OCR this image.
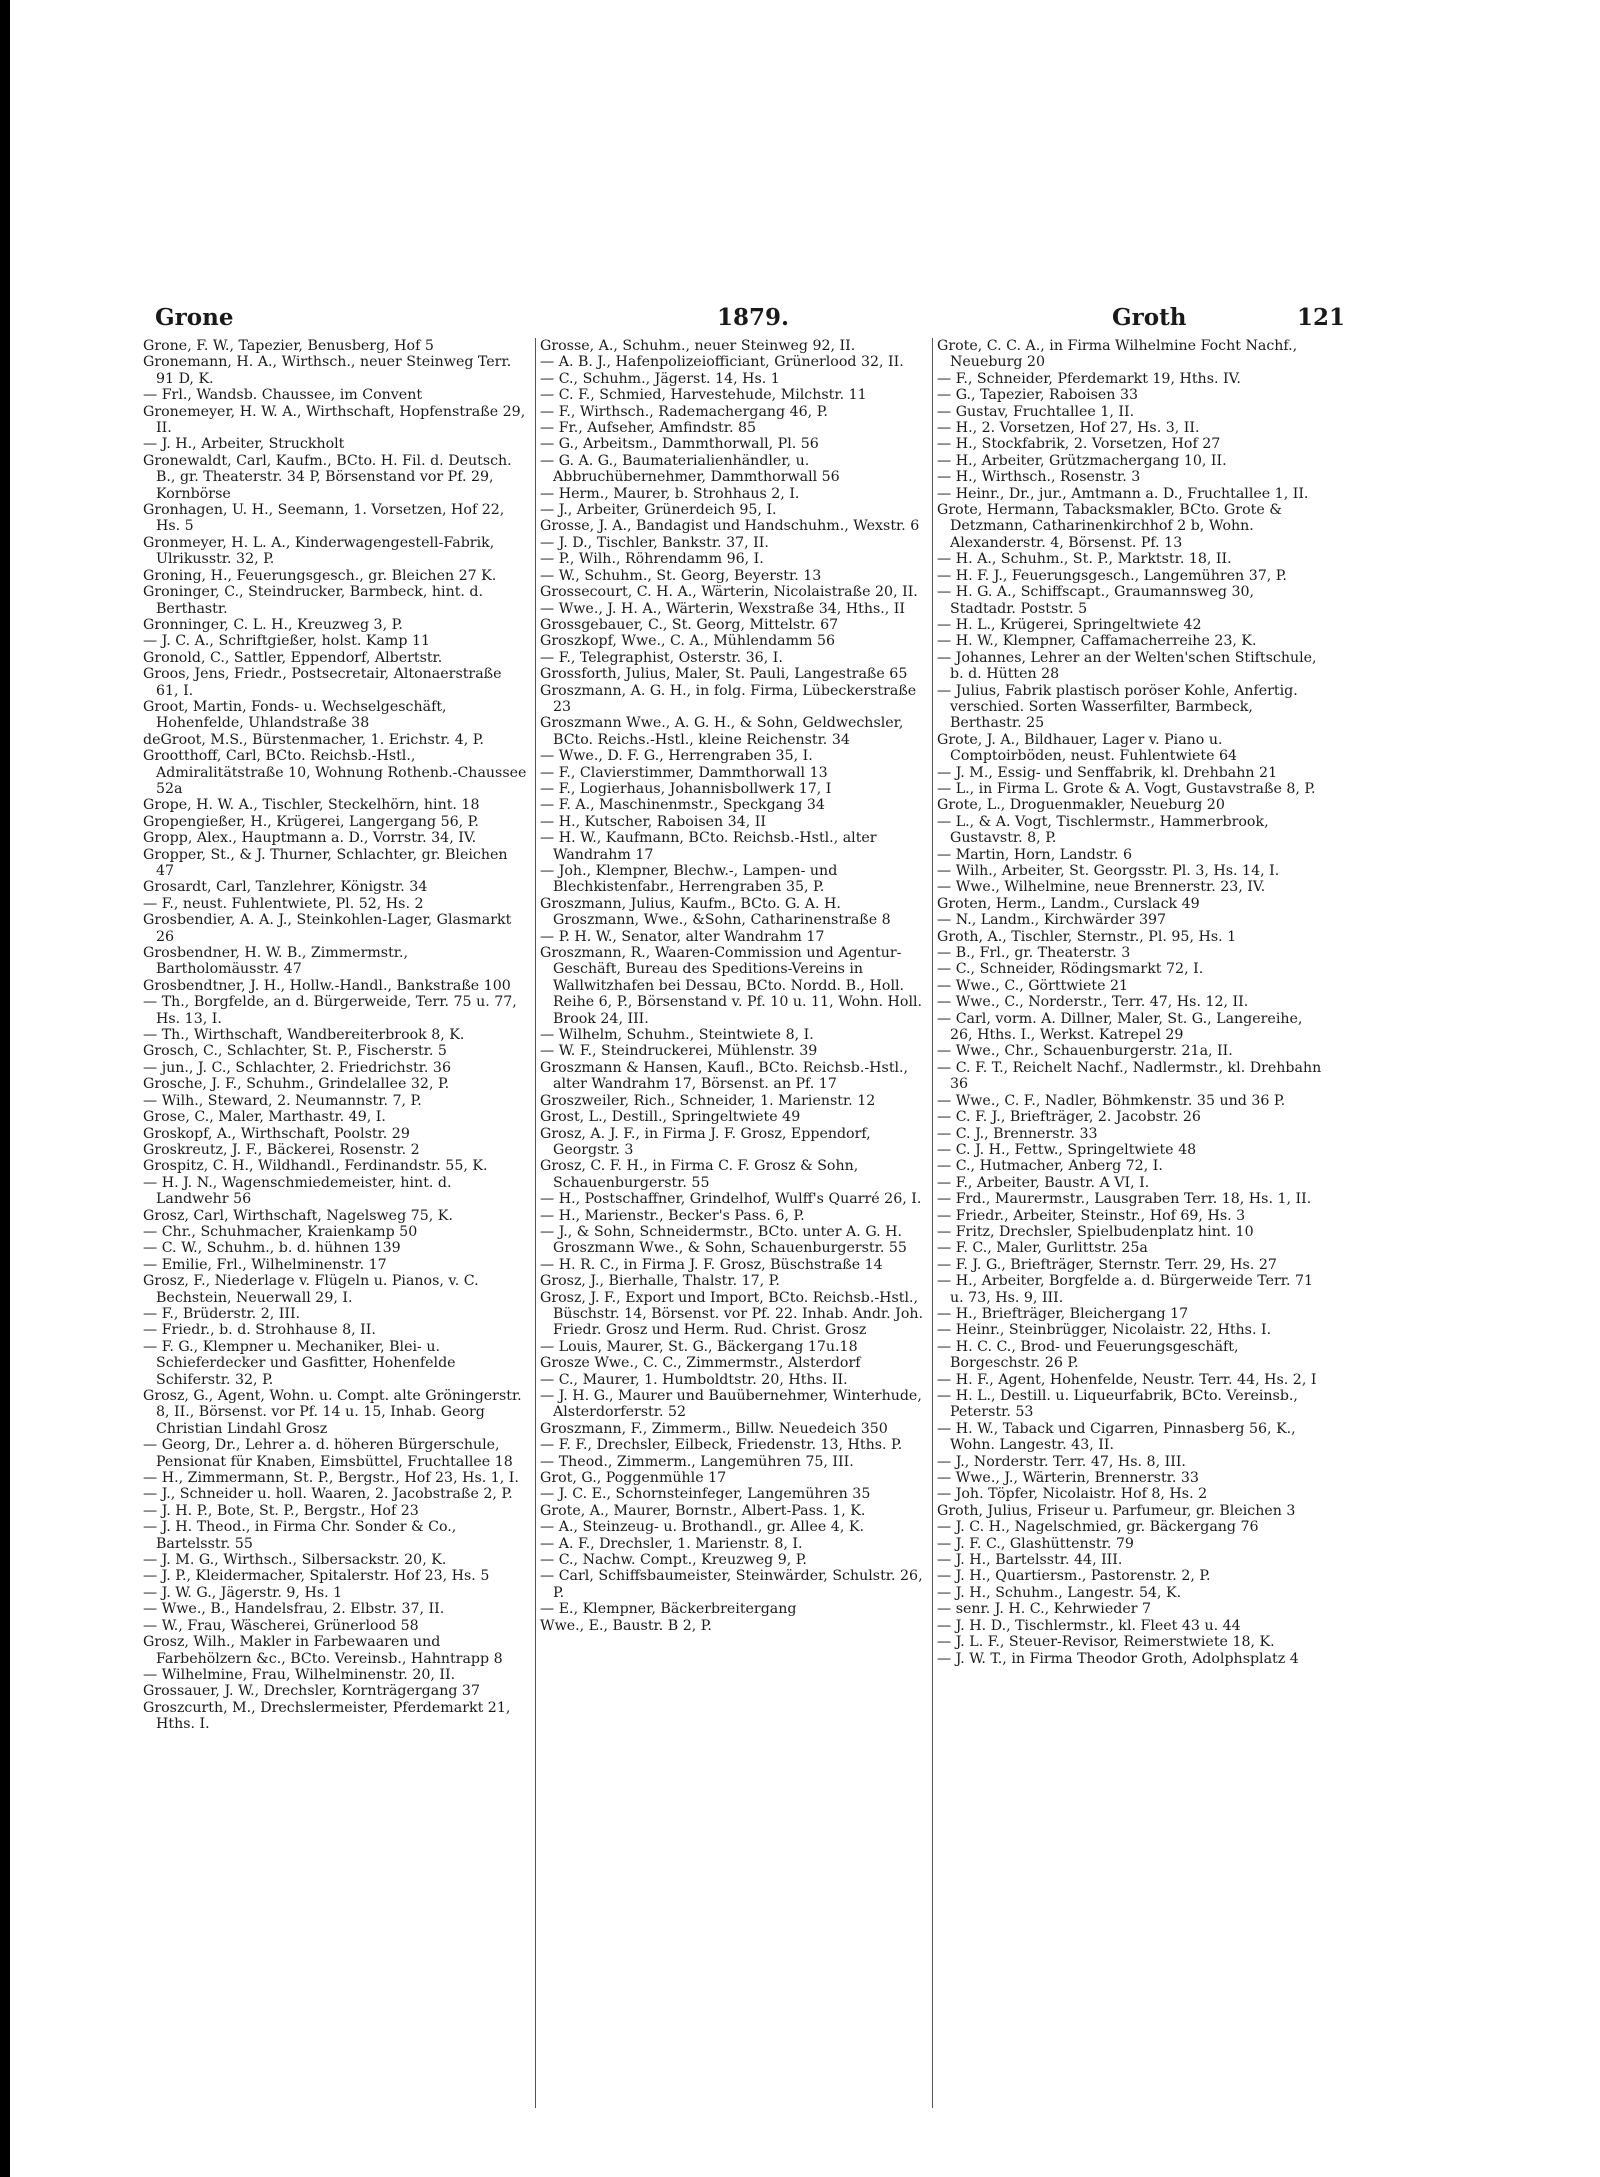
Grone	1879.	Groth	121

Grone, F. W., Tapezier, Benusberg, Hof 5

Gronemann, H. A., Wirthsch., neuer Steinweg Terr. 91 D, K.

— Frl., Wandsb. Chaussee, im Convent

Gronemeyer, H. W. A., Wirthschaft, Hopfenstraße 29, II.

— J. H., Arbeiter, Struckholt

Gronewaldt, Carl, Kaufm., BCto. H. Fil. d. Deutsch. B., gr. Theaterstr. 34 P, Börsenstand vor Pf. 29, Kornbörse

Gronhagen, U. H., Seemann, 1. Vorsetzen, Hof 22, Hs. 5

Gronmeyer, H. L. A., Kinderwagengestell-Fabrik, Ulrikusstr. 32, P.

Groning, H., Feuerungsgesch., gr. Bleichen 27 K.

Groninger, C., Steindrucker, Barmbeck, hint. d. Berthastr.

Gronninger, C. L. H., Kreuzweg 3, P.

— J. C. A., Schriftgießer, holst. Kamp 11

Gronold, C., Sattler, Eppendorf, Albertstr.

Groos, Jens, Friedr., Postsecretair, Altonaerstraße 61, I.

Groot, Martin, Fonds- u. Wechselgeschäft, Hohenfelde, Uhlandstraße 38

deGroot, M.S., Bürstenmacher, 1. Erichstr. 4, P.

Grootthoff, Carl, BCto. Reichsb.-Hstl., Admiralitätstraße 10, Wohnung Rothenb.-Chaussee 52a

Grope, H. W. A., Tischler, Steckelhörn, hint. 18

Gropengießer, H., Krügerei, Langergang 56, P.

Gropp, Alex., Hauptmann a. D., Vorrstr. 34, IV.

Gropper, St., & J. Thurner, Schlachter, gr. Bleichen 47

Grosardt, Carl, Tanzlehrer, Königstr. 34

— F., neust. Fuhlentwiete, Pl. 52, Hs. 2

Grosbendier, A. A. J., Steinkohlen-Lager, Glasmarkt 26

Grosbendner, H. W. B., Zimmermstr., Bartholomäusstr. 47

Grosbendtner, J. H., Hollw.-Handl., Bankstraße 100

— Th., Borgfelde, an d. Bürgerweide, Terr. 75 u. 77, Hs. 13, I.

— Th., Wirthschaft, Wandbereiterbrook 8, K.

Grosch, C., Schlachter, St. P., Fischerstr. 5

— jun., J. C., Schlachter, 2. Friedrichstr. 36

Grosche, J. F., Schuhm., Grindelallee 32, P.

— Wilh., Steward, 2. Neumannstr. 7, P.

Grose, C., Maler, Marthastr. 49, I.

Groskopf, A., Wirthschaft, Poolstr. 29

Groskreutz, J. F., Bäckerei, Rosenstr. 2

Grospitz, C. H., Wildhandl., Ferdinandstr. 55, K.

— H. J. N., Wagenschmiedemeister, hint. d. Landwehr 56

Grosz, Carl, Wirthschaft, Nagelsweg 75, K.

— Chr., Schuhmacher, Kraienkamp 50

— C. W., Schuhm., b. d. hühnen 139

— Emilie, Frl., Wilhelminenstr. 17

Grosz, F., Niederlage v. Flügeln u. Pianos, v. C. Bechstein, Neuerwall 29, I.

— F., Brüderstr. 2, III.

— Friedr., b. d. Strohhause 8, II.

— F. G., Klempner u. Mechaniker, Blei- u. Schieferdecker und Gasfitter, Hohenfelde Schiferstr. 32, P.

Grosz, G., Agent, Wohn. u. Compt. alte Gröningerstr. 8, II., Börsenst. vor Pf. 14 u. 15, Inhab. Georg Christian Lindahl Grosz

— Georg, Dr., Lehrer a. d. höheren Bürgerschule, Pensionat für Knaben, Eimsbüttel, Fruchtallee 18

— H., Zimmermann, St. P., Bergstr., Hof 23, Hs. 1, I.

— J., Schneider u. holl. Waaren, 2. Jacobstraße 2, P.

— J. H. P., Bote, St. P., Bergstr., Hof 23

— J. H. Theod., in Firma Chr. Sonder & Co., Bartelsstr. 55

— J. M. G., Wirthsch., Silbersackstr. 20, K.

— J. P., Kleidermacher, Spitalerstr. Hof 23, Hs. 5

— J. W. G., Jägerstr. 9, Hs. 1

— Wwe., B., Handelsfrau, 2. Elbstr. 37, II.

— W., Frau, Wäscherei, Grünerlood 58

Grosz, Wilh., Makler in Farbewaaren und Farbehölzern &c., BCto. Vereinsb., Hahntrapp 8

— Wilhelmine, Frau, Wilhelminenstr. 20, II.

Grossauer, J. W., Drechsler, Kornträgergang 37

Groszcurth, M., Drechslermeister, Pferdemarkt 21, Hths. I.

Grosse, A., Schuhm., neuer Steinweg 92, II.

— A. B. J., Hafenpolizeiofficiant, Grünerlood 32, II.

— C., Schuhm., Jägerst. 14, Hs. 1

— C. F., Schmied, Harvestehude, Milchstr. 11

— F., Wirthsch., Rademachergang 46, P.

— Fr., Aufseher, Amfindstr. 85

— G., Arbeitsm., Dammthorwall, Pl. 56

— G. A. G., Baumaterialienhändler, u. Abbruchübernehmer, Dammthorwall 56

— Herm., Maurer, b. Strohhaus 2, I.

— J., Arbeiter, Grünerdeich 95, I.

Grosse, J. A., Bandagist und Handschuhm., Wexstr. 6

— J. D., Tischler, Bankstr. 37, II.

— P., Wilh., Röhrendamm 96, I.

— W., Schuhm., St. Georg, Beyerstr. 13

Grossecourt, C. H. A., Wärterin, Nicolaistraße 20, II.

— Wwe., J. H. A., Wärterin, Wexstraße 34, Hths., II

Grossgebauer, C., St. Georg, Mittelstr. 67

Groszkopf, Wwe., C. A., Mühlendamm 56

— F., Telegraphist, Osterstr. 36, I.

Grossforth, Julius, Maler, St. Pauli, Langestraße 65

Groszmann, A. G. H., in folg. Firma, Lübeckerstraße 23

Groszmann Wwe., A. G. H., & Sohn, Geldwechsler, BCto. Reichs.-Hstl., kleine Reichenstr. 34

— Wwe., D. F. G., Herrengraben 35, I.

— F., Clavierstimmer, Dammthorwall 13

— F., Logierhaus, Johannisbollwerk 17, I

— F. A., Maschinenmstr., Speckgang 34

— H., Kutscher, Raboisen 34, II

— H. W., Kaufmann, BCto. Reichsb.-Hstl., alter Wandrahm 17

— Joh., Klempner, Blechw.-, Lampen- und Blechkistenfabr., Herrengraben 35, P.

Groszmann, Julius, Kaufm., BCto. G. A. H. Groszmann, Wwe., &Sohn, Catharinenstraße 8

— P. H. W., Senator, alter Wandrahm 17

Groszmann, R., Waaren-Commission und Agentur-Geschäft, Bureau des Speditions-Vereins in Wallwitzhafen bei Dessau, BCto. Nordd. B., Holl. Reihe 6, P., Börsenstand v. Pf. 10 u. 11, Wohn. Holl. Brook 24, III.

— Wilhelm, Schuhm., Steintwiete 8, I.

— W. F., Steindruckerei, Mühlenstr. 39

Groszmann & Hansen, Kaufl., BCto. Reichsb.-Hstl., alter Wandrahm 17, Börsenst. an Pf. 17

Groszweiler, Rich., Schneider, 1. Marienstr. 12

Grost, L., Destill., Springeltwiete 49

Grosz, A. J. F., in Firma J. F. Grosz, Eppendorf, Georgstr. 3

Grosz, C. F. H., in Firma C. F. Grosz & Sohn, Schauenburgerstr. 55

— H., Postschaffner, Grindelhof, Wulff's Quarré 26, I.

— H., Marienstr., Becker's Pass. 6, P.

— J., & Sohn, Schneidermstr., BCto. unter A. G. H. Groszmann Wwe., & Sohn, Schauenburgerstr. 55

— H. R. C., in Firma J. F. Grosz, Büschstraße 14

Grosz, J., Bierhalle, Thalstr. 17, P.

Grosz, J. F., Export und Import, BCto. Reichsb.-Hstl., Büschstr. 14, Börsenst. vor Pf. 22. Inhab. Andr. Joh. Friedr. Grosz und Herm. Rud. Christ. Grosz

— Louis, Maurer, St. G., Bäckergang 17u.18

Grosze Wwe., C. C., Zimmermstr., Alsterdorf

— C., Maurer, 1. Humboldtstr. 20, Hths. II.

— J. H. G., Maurer und Bauübernehmer, Winterhude, Alsterdorferstr. 52

Groszmann, F., Zimmerm., Billw. Neuedeich 350

— F. F., Drechsler, Eilbeck, Friedenstr. 13, Hths. P.

— Theod., Zimmerm., Langemühren 75, III.

Grot, G., Poggenmühle 17

— J. C. E., Schornsteinfeger, Langemühren 35

Grote, A., Maurer, Bornstr., Albert-Pass. 1, K.

— A., Steinzeug- u. Brothandl., gr. Allee 4, K.

— A. F., Drechsler, 1. Marienstr. 8, I.

— C., Nachw. Compt., Kreuzweg 9, P.

— Carl, Schiffsbaumeister, Steinwärder, Schulstr. 26, P.

— E., Klempner, Bäckerbreitergang

Wwe., E., Baustr. B 2, P.

Grote, C. C. A., in Firma Wilhelmine Focht Nachf., Neueburg 20

— F., Schneider, Pferdemarkt 19, Hths. IV.

— G., Tapezier, Raboisen 33

— Gustav, Fruchtallee 1, II.

— H., 2. Vorsetzen, Hof 27, Hs. 3, II.

— H., Stockfabrik, 2. Vorsetzen, Hof 27

— H., Arbeiter, Grützmachergang 10, II.

— H., Wirthsch., Rosenstr. 3

— Heinr., Dr., jur., Amtmann a. D., Fruchtallee 1, II.

Grote, Hermann, Tabacksmakler, BCto. Grote & Detzmann, Catharinenkirchhof 2 b, Wohn. Alexanderstr. 4, Börsenst. Pf. 13

— H. A., Schuhm., St. P., Marktstr. 18, II.

— H. F. J., Feuerungsgesch., Langemühren 37, P.

— H. G. A., Schiffscapt., Graumannsweg 30, Stadtadr. Poststr. 5

— H. L., Krügerei, Springeltwiete 42

— H. W., Klempner, Caffamacherreihe 23, K.

— Johannes, Lehrer an der Welten'schen Stiftschule, b. d. Hütten 28

— Julius, Fabrik plastisch poröser Kohle, Anfertig. verschied. Sorten Wasserfilter, Barmbeck, Berthastr. 25

Grote, J. A., Bildhauer, Lager v. Piano u. Comptoirböden, neust. Fuhlentwiete 64

— J. M., Essig- und Senffabrik, kl. Drehbahn 21

— L., in Firma L. Grote & A. Vogt, Gustavstraße 8, P.

Grote, L., Droguenmakler, Neueburg 20

— L., & A. Vogt, Tischlermstr., Hammerbrook, Gustavstr. 8, P.

— Martin, Horn, Landstr. 6

— Wilh., Arbeiter, St. Georgsstr. Pl. 3, Hs. 14, I.

— Wwe., Wilhelmine, neue Brennerstr. 23, IV.

Groten, Herm., Landm., Curslack 49

— N., Landm., Kirchwärder 397

Groth, A., Tischler, Sternstr., Pl. 95, Hs. 1

— B., Frl., gr. Theaterstr. 3

— C., Schneider, Rödingsmarkt 72, I.

— Wwe., C., Görttwiete 21

— Wwe., C., Norderstr., Terr. 47, Hs. 12, II.

— Carl, vorm. A. Dillner, Maler, St. G., Langereihe, 26, Hths. I., Werkst. Katrepel 29

— Wwe., Chr., Schauenburgerstr. 21a, II.

— C. F. T., Reichelt Nachf., Nadlermstr., kl. Drehbahn 36

— Wwe., C. F., Nadler, Böhmkenstr. 35 und 36 P.

— C. F. J., Briefträger, 2. Jacobstr. 26

— C. J., Brennerstr. 33

— C. J. H., Fettw., Springeltwiete 48

— C., Hutmacher, Anberg 72, I.

— F., Arbeiter, Baustr. A VI, I.

— Frd., Maurermstr., Lausgraben Terr. 18, Hs. 1, II.

— Friedr., Arbeiter, Steinstr., Hof 69, Hs. 3

— Fritz, Drechsler, Spielbudenplatz hint. 10

— F. C., Maler, Gurlittstr. 25a

— F. J. G., Briefträger, Sternstr. Terr. 29, Hs. 27

— H., Arbeiter, Borgfelde a. d. Bürgerweide Terr. 71 u. 73, Hs. 9, III.

— H., Briefträger, Bleichergang 17

— Heinr., Steinbrügger, Nicolaistr. 22, Hths. I.

— H. C. C., Brod- und Feuerungsgeschäft, Borgeschstr. 26 P.

— H. F., Agent, Hohenfelde, Neustr. Terr. 44, Hs. 2, I

— H. L., Destill. u. Liqueurfabrik, BCto. Vereinsb., Peterstr. 53

— H. W., Taback und Cigarren, Pinnasberg 56, K., Wohn. Langestr. 43, II.

— J., Norderstr. Terr. 47, Hs. 8, III.

— Wwe., J., Wärterin, Brennerstr. 33

— Joh. Töpfer, Nicolaistr. Hof 8, Hs. 2

Groth, Julius, Friseur u. Parfumeur, gr. Bleichen 3

— J. C. H., Nagelschmied, gr. Bäckergang 76

— J. F. C., Glashüttenstr. 79

— J. H., Bartelsstr. 44, III.

— J. H., Quartiersm., Pastorenstr. 2, P.

— J. H., Schuhm., Langestr. 54, K.

— senr. J. H. C., Kehrwieder 7

— J. H. D., Tischlermstr., kl. Fleet 43 u. 44

— J. L. F., Steuer-Revisor, Reimerstwiete 18, K.

— J. W. T., in Firma Theodor Groth, Adolphsplatz 4
